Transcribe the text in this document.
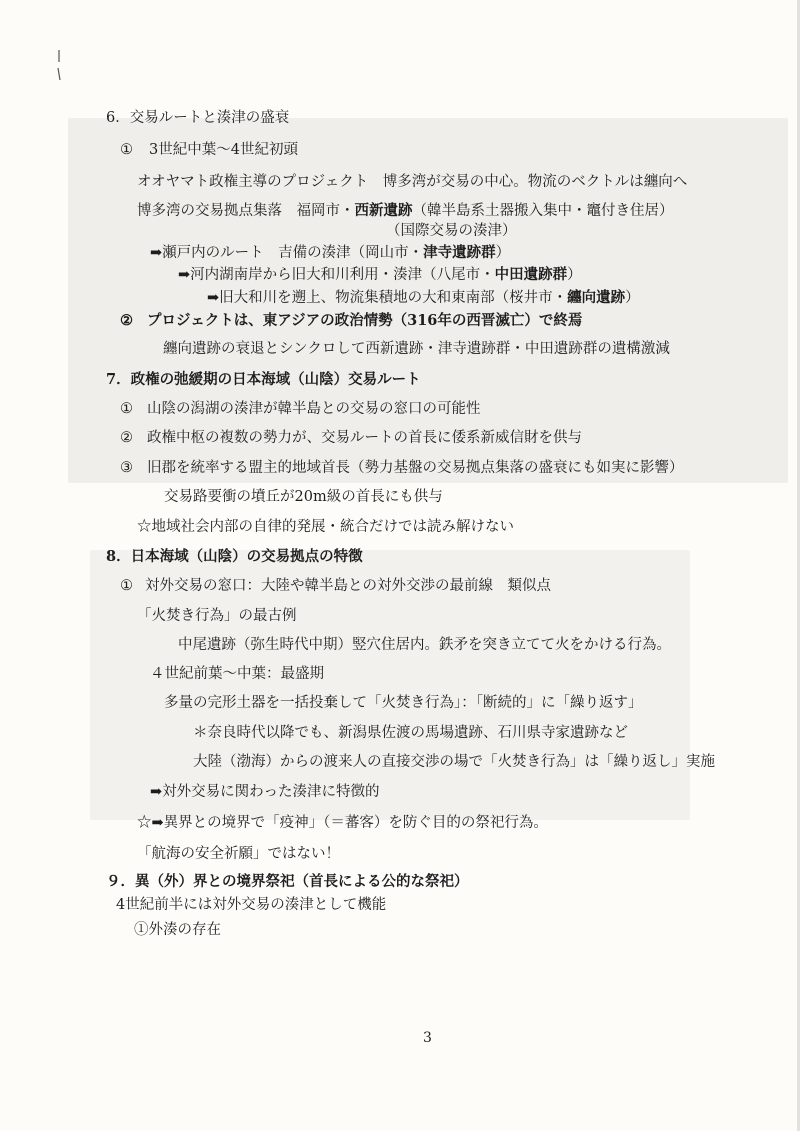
6．交易ルートと湊津の盛衰
① 3世紀中葉～4世紀初頭
オオヤマト政権主導のプロジェクト　博多湾が交易の中心。物流のベクトルは纏向へ
博多湾の交易拠点集落　福岡市・西新遺跡（韓半島系土器搬入集中・竈付き住居）
（国際交易の湊津）
➡瀬戸内のルート　吉備の湊津（岡山市・津寺遺跡群）
➡河内湖南岸から旧大和川利用・湊津（八尾市・中田遺跡群）
➡旧大和川を遡上、物流集積地の大和東南部（桜井市・纏向遺跡）
② プロジェクトは、東アジアの政治情勢（316年の西晋滅亡）で終焉
纏向遺跡の衰退とシンクロして西新遺跡・津寺遺跡群・中田遺跡群の遺構激減
7．政権の弛緩期の日本海域（山陰）交易ルート
① 山陰の潟湖の湊津が韓半島との交易の窓口の可能性
② 政権中枢の複数の勢力が、交易ルートの首長に倭系新威信財を供与
③ 旧郡を統率する盟主的地域首長（勢力基盤の交易拠点集落の盛衰にも如実に影響）
交易路要衝の墳丘が20m級の首長にも供与
☆地域社会内部の自律的発展・統合だけでは読み解けない
8．日本海域（山陰）の交易拠点の特徴
① 対外交易の窓口：大陸や韓半島との対外交渉の最前線　類似点
「火焚き行為」の最古例
中尾遺跡（弥生時代中期）竪穴住居内。鉄矛を突き立てて火をかける行為。
４世紀前葉～中葉：最盛期
多量の完形土器を一括投棄して「火焚き行為」：「断続的」に「繰り返す」
＊奈良時代以降でも、新潟県佐渡の馬場遺跡、石川県寺家遺跡など
大陸（渤海）からの渡来人の直接交渉の場で「火焚き行為」は「繰り返し」実施
➡対外交易に関わった湊津に特徴的
☆➡異界との境界で「疫神」（＝蕃客）を防ぐ目的の祭祀行為。
「航海の安全祈願」ではない！
９．異（外）界との境界祭祀（首長による公的な祭祀）
4世紀前半には対外交易の湊津として機能
①外湊の存在
3
